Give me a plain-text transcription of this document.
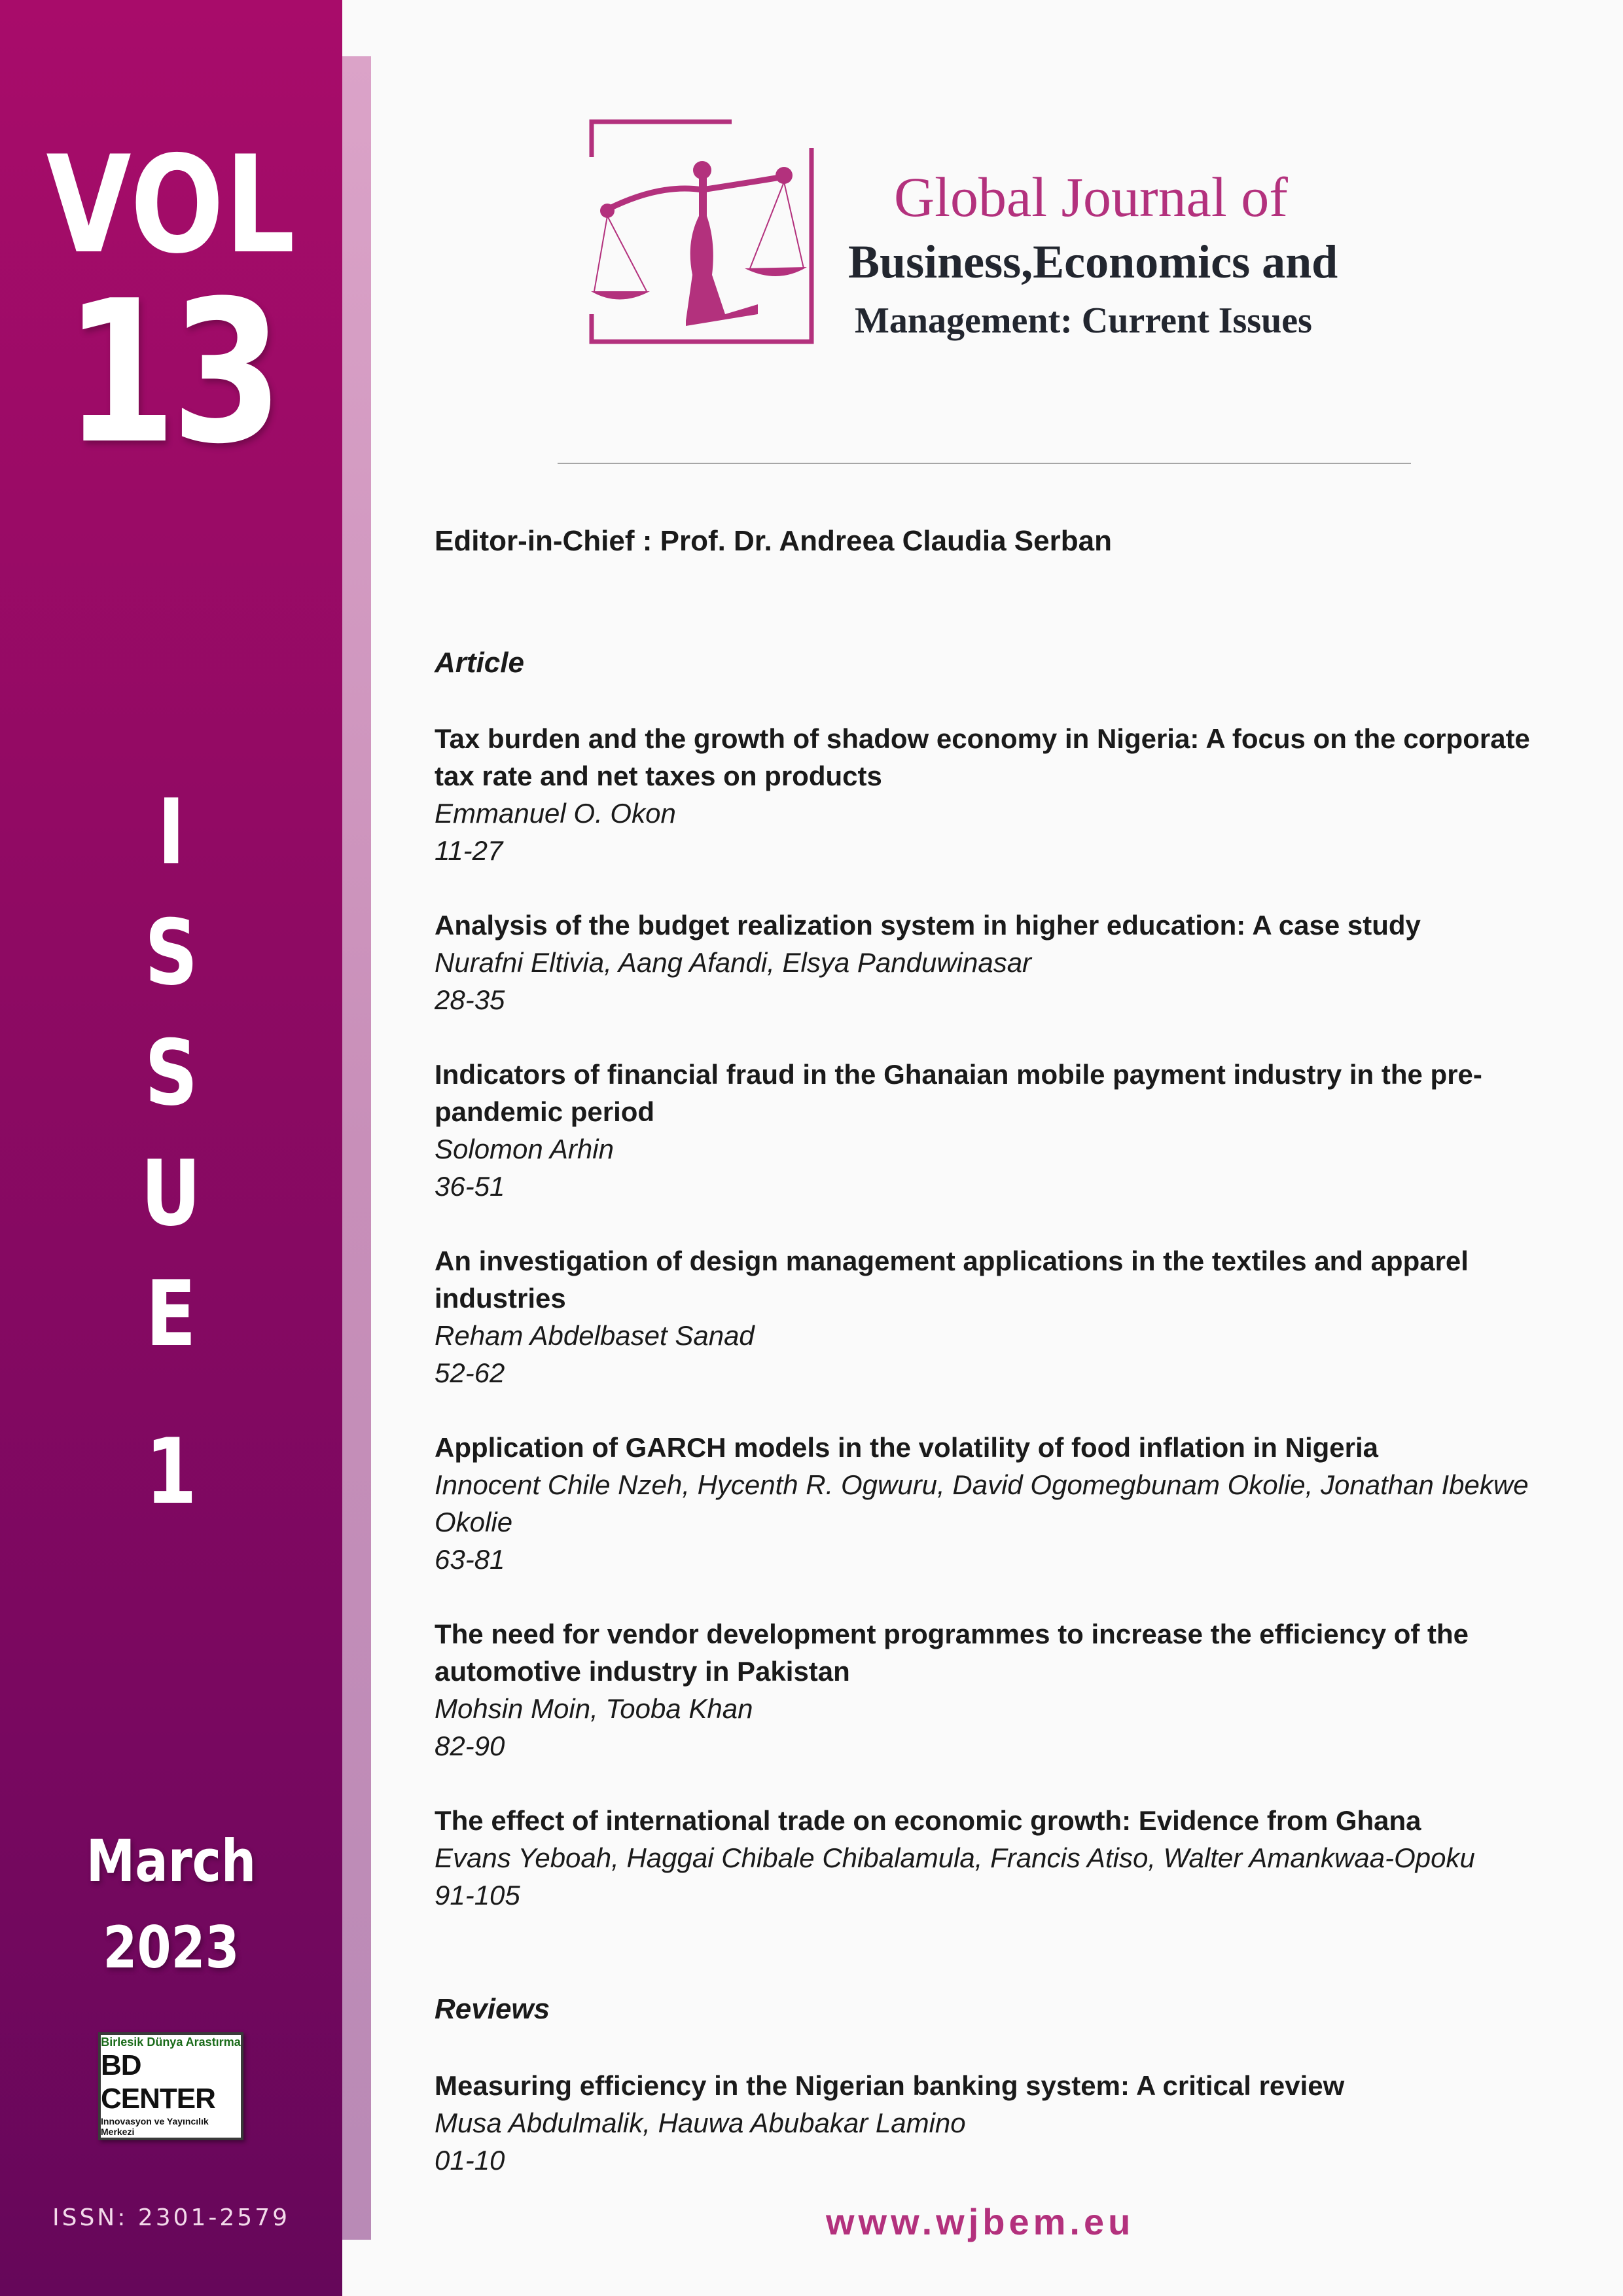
VOL
13
I
S
S
U
E
1
March
2023
Birlesik Dünya Arastırma
BD CENTER
Innovasyon ve Yayıncılık Merkezi
ISSN: 2301-2579
Global Journal of
Business,Economics and
Management: Current Issues
Editor-in-Chief : Prof. Dr. Andreea Claudia Serban
Article
Tax burden and the growth of shadow economy in Nigeria: A focus on the corporate tax rate and net taxes on products
Emmanuel O. Okon
11-27
Analysis of the budget realization system in higher education: A case study
Nurafni Eltivia, Aang Afandi, Elsya Panduwinasar
28-35
Indicators of financial fraud in the Ghanaian mobile payment industry in the pre-pandemic period
Solomon Arhin
36-51
An investigation of design management applications in the textiles and apparel industries
Reham Abdelbaset Sanad
52-62
Application of GARCH models in the volatility of food inflation in Nigeria
Innocent Chile Nzeh, Hycenth R. Ogwuru, David Ogomegbunam Okolie, Jonathan Ibekwe Okolie
63-81
The need for vendor development programmes to increase the efficiency of the automotive industry in Pakistan
Mohsin Moin, Tooba Khan
82-90
The effect of international trade on economic growth: Evidence from Ghana
Evans Yeboah, Haggai Chibale Chibalamula, Francis Atiso, Walter Amankwaa-Opoku
91-105
Reviews
Measuring efficiency in the Nigerian banking system: A critical review
Musa Abdulmalik, Hauwa Abubakar Lamino
01-10
www.wjbem.eu
